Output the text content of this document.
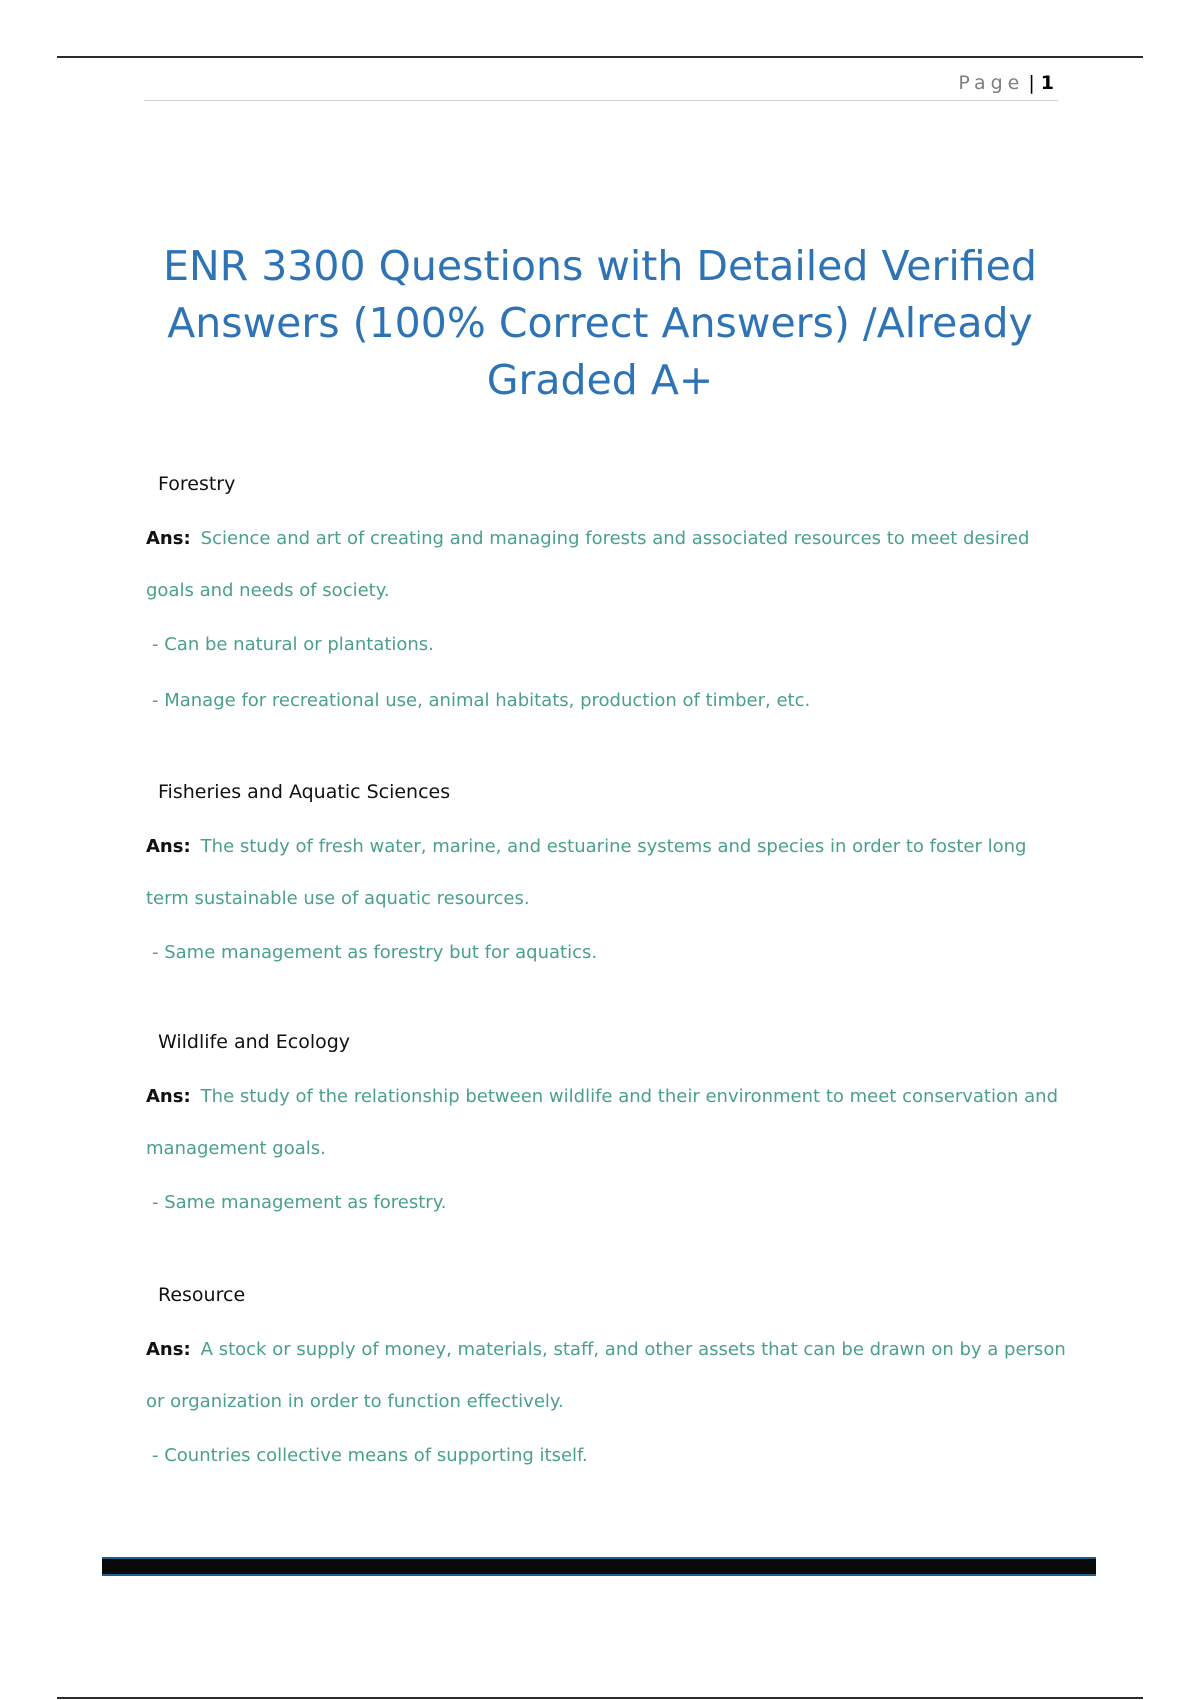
Page | 1
ENR 3300 Questions with Detailed Verified Answers (100% Correct Answers) /Already Graded A+
Forestry
Ans: Science and art of creating and managing forests and associated resources to meet desired goals and needs of society.
- Can be natural or plantations.
- Manage for recreational use, animal habitats, production of timber, etc.
Fisheries and Aquatic Sciences
Ans: The study of fresh water, marine, and estuarine systems and species in order to foster long term sustainable use of aquatic resources.
- Same management as forestry but for aquatics.
Wildlife and Ecology
Ans: The study of the relationship between wildlife and their environment to meet conservation and management goals.
- Same management as forestry.
Resource
Ans: A stock or supply of money, materials, staff, and other assets that can be drawn on by a person or organization in order to function effectively.
- Countries collective means of supporting itself.
